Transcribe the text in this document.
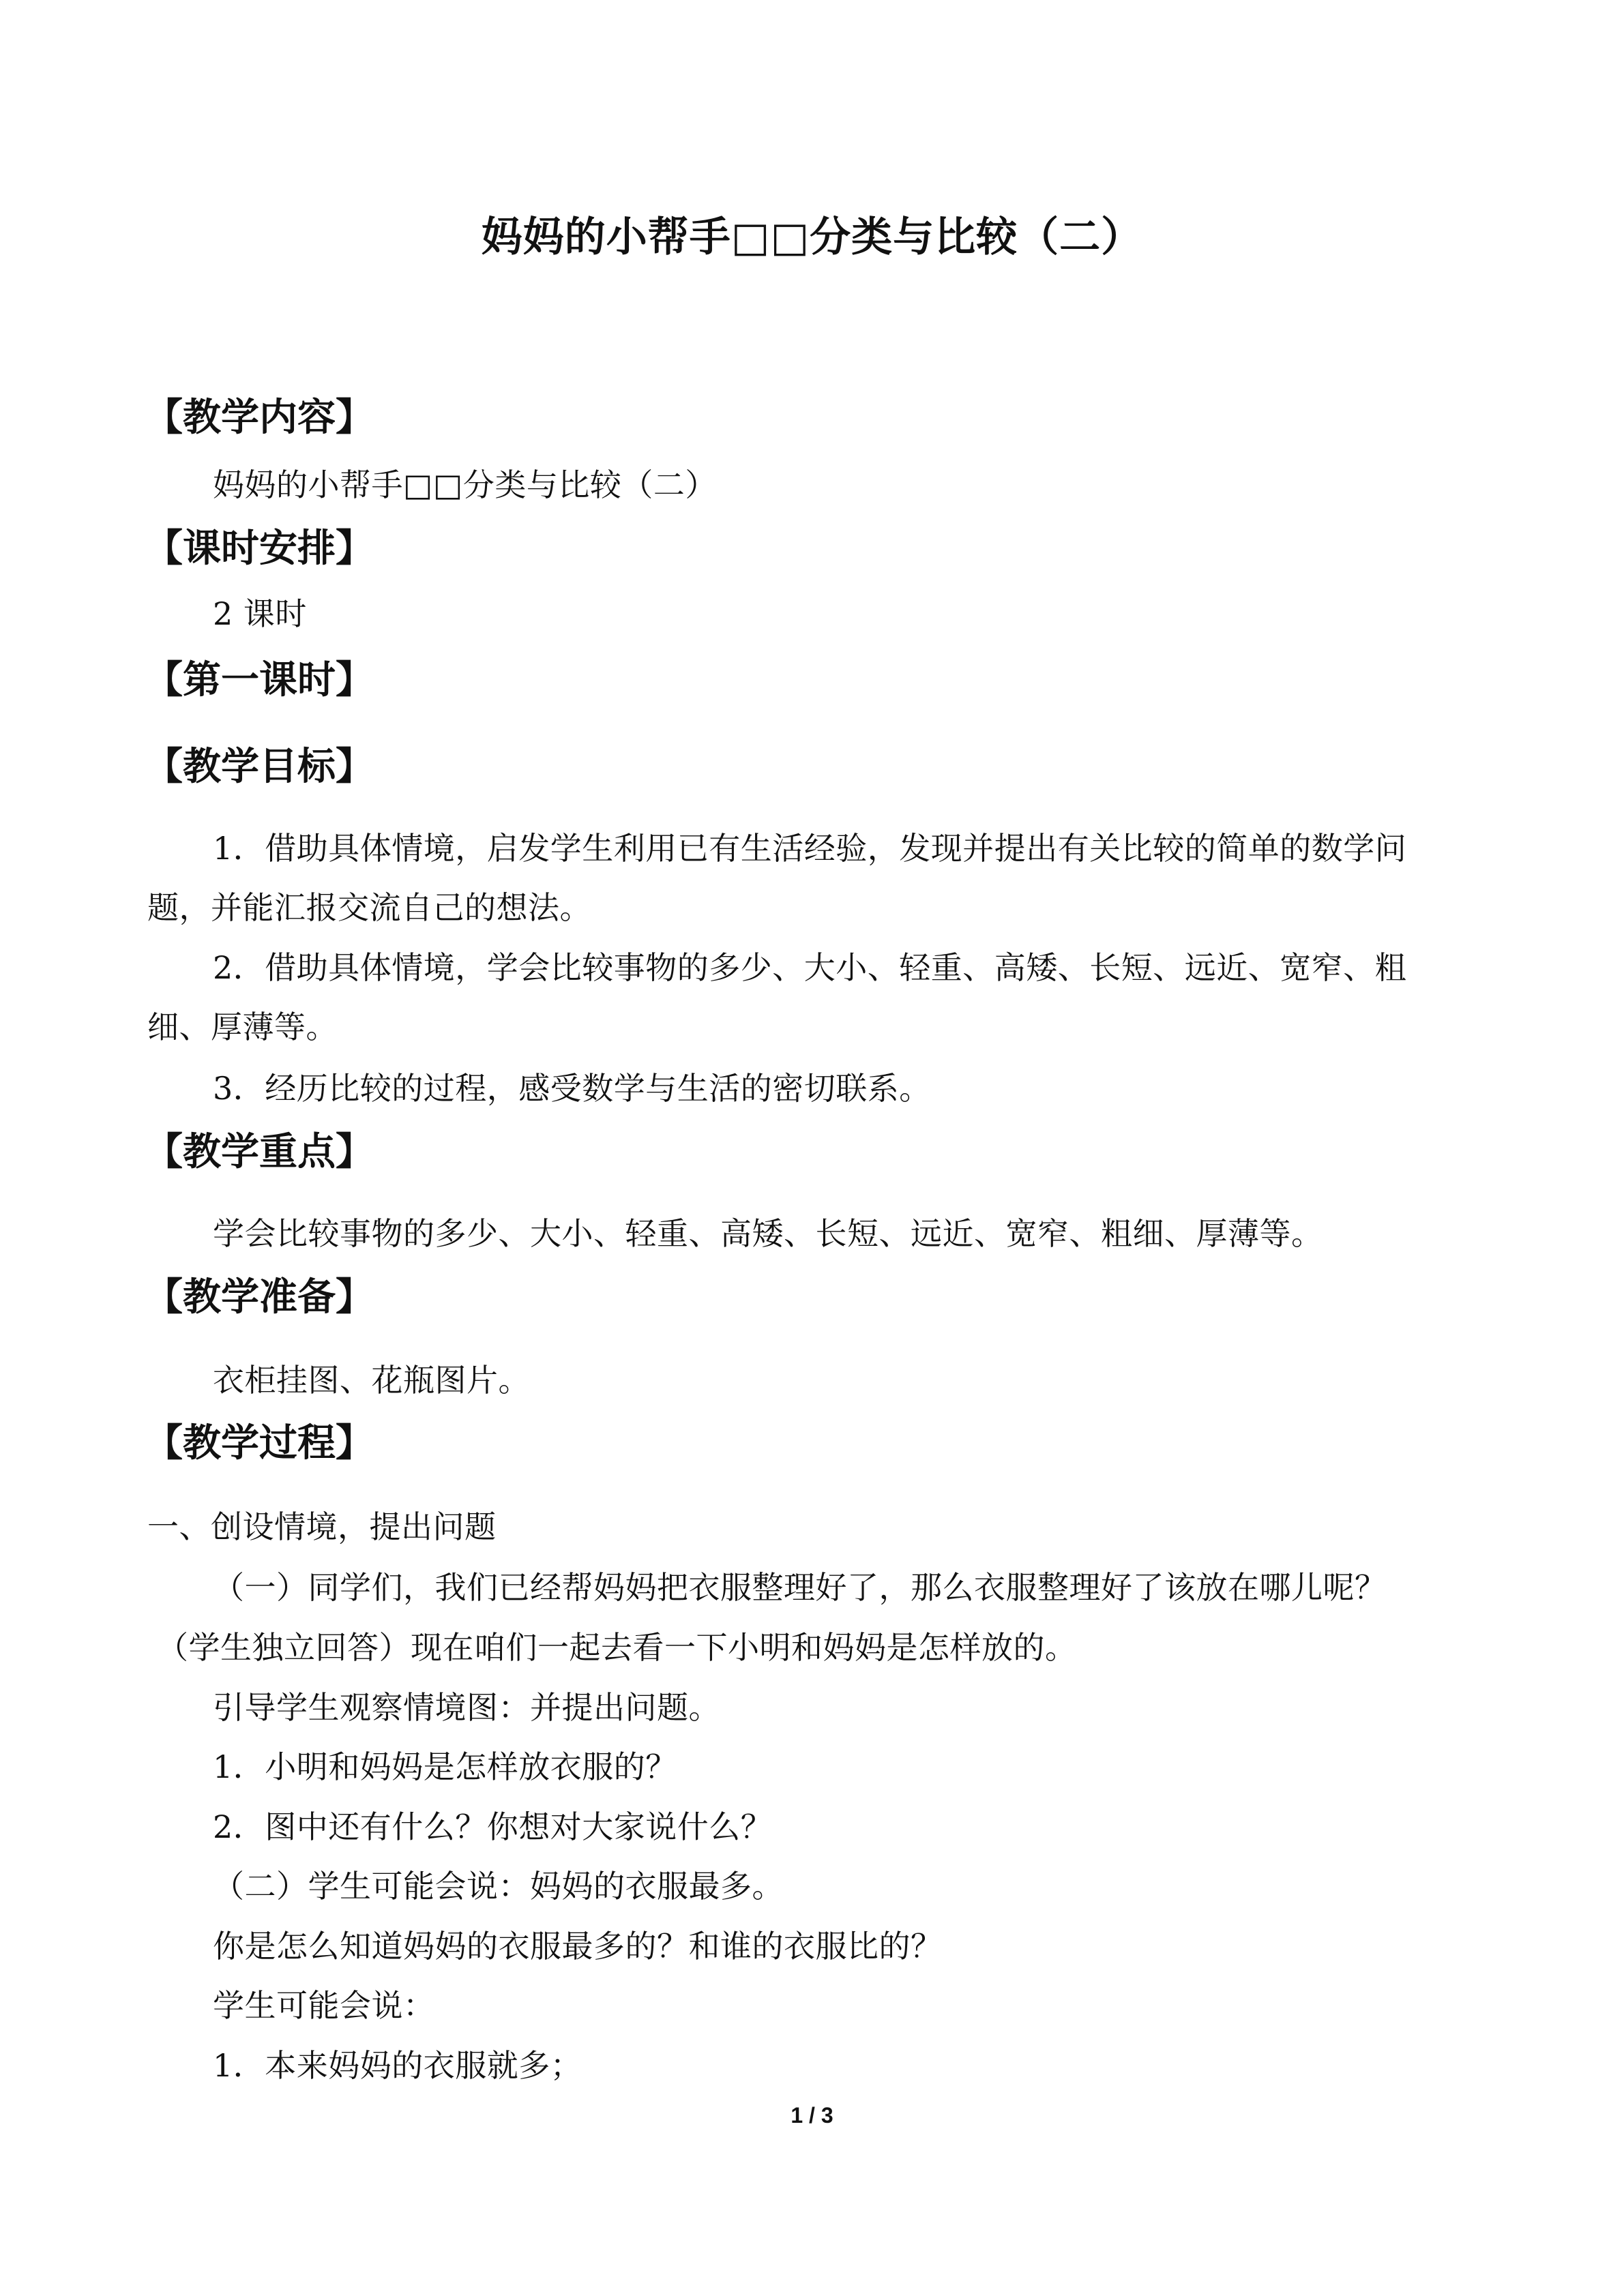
妈妈的小帮手□□分类与比较（二）
【教学内容】
妈妈的小帮手□□分类与比较（二）
【课时安排】
2 课时
【第一课时】
【教学目标】
1．借助具体情境，启发学生利用已有生活经验，发现并提出有关比较的简单的数学问
题，并能汇报交流自己的想法。
2．借助具体情境，学会比较事物的多少、大小、轻重、高矮、长短、远近、宽窄、粗
细、厚薄等。
3．经历比较的过程，感受数学与生活的密切联系。
【教学重点】
学会比较事物的多少、大小、轻重、高矮、长短、远近、宽窄、粗细、厚薄等。
【教学准备】
衣柜挂图、花瓶图片。
【教学过程】
一、创设情境，提出问题
（一）同学们，我们已经帮妈妈把衣服整理好了，那么衣服整理好了该放在哪儿呢？
（学生独立回答）现在咱们一起去看一下小明和妈妈是怎样放的。
引导学生观察情境图：并提出问题。
1．小明和妈妈是怎样放衣服的？
2．图中还有什么？你想对大家说什么？
（二）学生可能会说：妈妈的衣服最多。
你是怎么知道妈妈的衣服最多的？和谁的衣服比的？
学生可能会说：
1．本来妈妈的衣服就多；
1 / 3
